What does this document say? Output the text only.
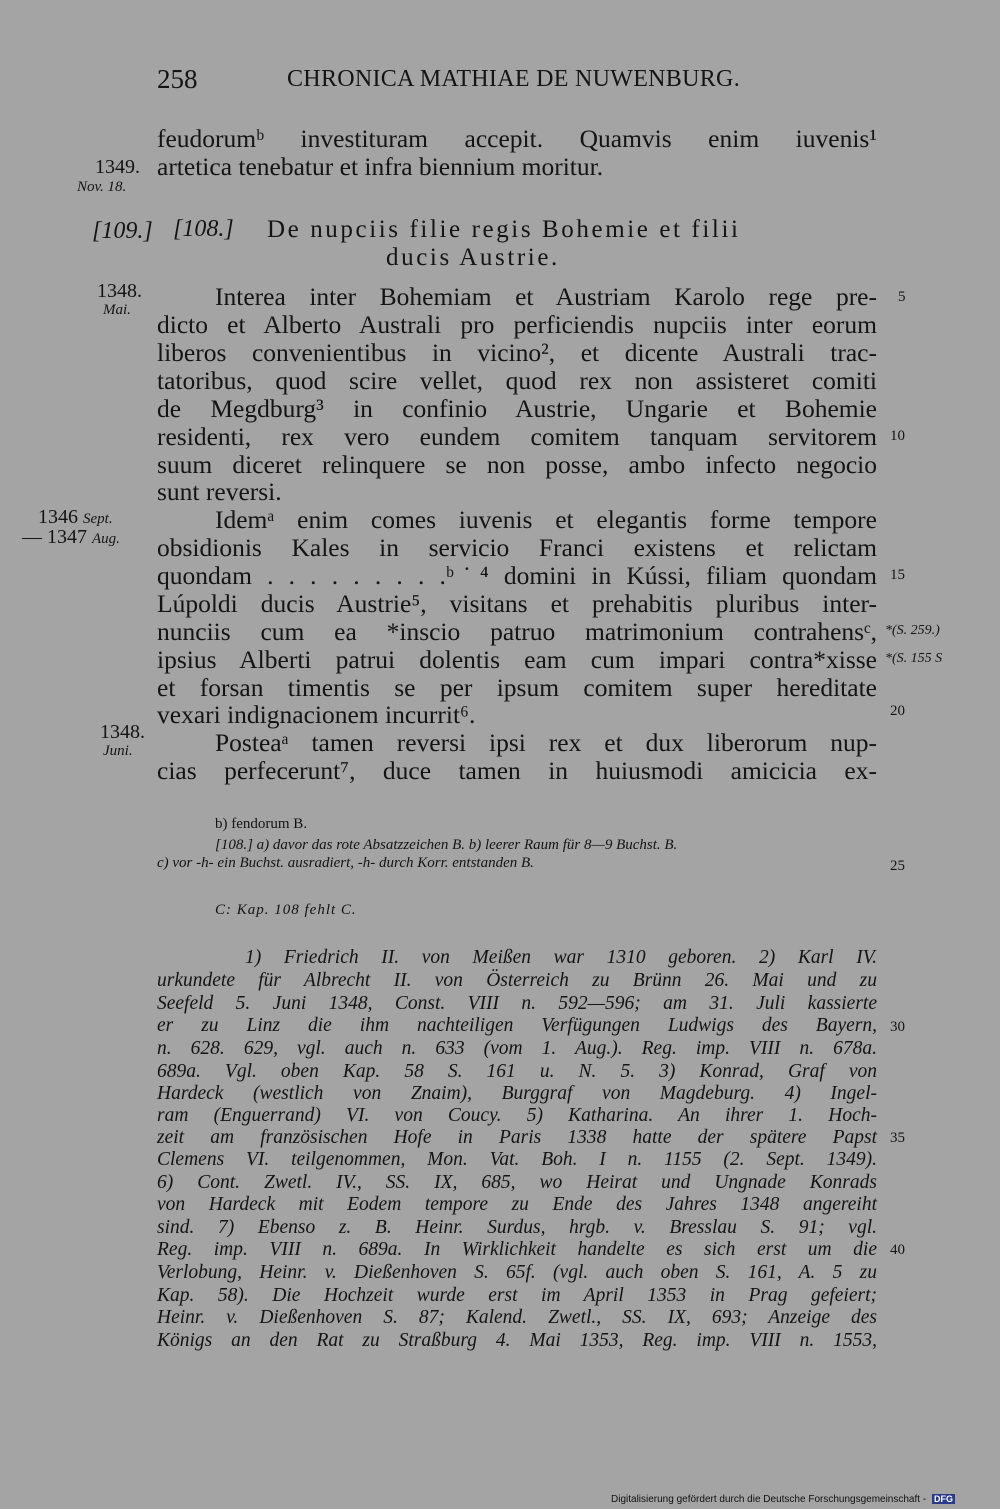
258	CHRONICA MATHIAE DE NUWENBURG.
feudorumᵇ investituram accepit. Quamvis enim iuvenis¹
artetica tenebatur et infra biennium moritur.
[109.] [108.] De nupciis filie regis Bohemie et filii
ducis Austrie.
Interea inter Bohemiam et Austriam Karolo rege pre-
dicto et Alberto Australi pro perficiendis nupciis inter eorum
liberos convenientibus in vicino², et dicente Australi trac-
tatoribus, quod scire vellet, quod rex non assisteret comiti
de Megdburg³ in confinio Austrie, Ungarie et Bohemie
residenti, rex vero eundem comitem tanquam servitorem
suum diceret relinquere se non posse, ambo infecto negocio
sunt reversi.
Idemᵃ enim comes iuvenis et elegantis forme tempore
obsidionis Kales in servicio Franci existens et relictam
quondam . . . . . . . . .ᵇ˙⁴ domini in Kússi, filiam quondam
Lúpoldi ducis Austrie⁵, visitans et prehabitis pluribus inter-
nunciis cum ea *inscio patruo matrimonium contrahensᶜ,
ipsius Alberti patrui dolentis eam cum impari contra*xisse
et forsan timentis se per ipsum comitem super hereditate
vexari indignacionem incurrit⁶.
Posteaᵃ tamen reversi ipsi rex et dux liberorum nup-
cias perfecerunt⁷, duce tamen in huiusmodi amicicia ex-
1349.
Nov. 18.
1348.
Mai.
1346 Sept.
— 1347 Aug.
1348.
Juni.
5
10
15
20
25
30
35
40
*(S. 259.)
*(S. 155 S
b) fendorum B.
[108.] a) davor das rote Absatzzeichen B. b) leerer Raum für 8—9 Buchst. B.
c) vor -h- ein Buchst. ausradiert, -h- durch Korr. entstanden B.
C: Kap. 108 fehlt C.
1) Friedrich II. von Meißen war 1310 geboren. 2) Karl IV.
urkundete für Albrecht II. von Österreich zu Brünn 26. Mai und zu
Seefeld 5. Juni 1348, Const. VIII n. 592—596; am 31. Juli kassierte
er zu Linz die ihm nachteiligen Verfügungen Ludwigs des Bayern,
n. 628. 629, vgl. auch n. 633 (vom 1. Aug.). Reg. imp. VIII n. 678a.
689a. Vgl. oben Kap. 58 S. 161 u. N. 5. 3) Konrad, Graf von
Hardeck (westlich von Znaim), Burggraf von Magdeburg. 4) Ingel-
ram (Enguerrand) VI. von Coucy. 5) Katharina. An ihrer 1. Hoch-
zeit am französischen Hofe in Paris 1338 hatte der spätere Papst
Clemens VI. teilgenommen, Mon. Vat. Boh. I n. 1155 (2. Sept. 1349).
6) Cont. Zwetl. IV., SS. IX, 685, wo Heirat und Ungnade Konrads
von Hardeck mit Eodem tempore zu Ende des Jahres 1348 angereiht
sind. 7) Ebenso z. B. Heinr. Surdus, hrgb. v. Bresslau S. 91; vgl.
Reg. imp. VIII n. 689a. In Wirklichkeit handelte es sich erst um die
Verlobung, Heinr. v. Dießenhoven S. 65f. (vgl. auch oben S. 161, A. 5 zu
Kap. 58). Die Hochzeit wurde erst im April 1353 in Prag gefeiert;
Heinr. v. Dießenhoven S. 87; Kalend. Zwetl., SS. IX, 693; Anzeige des
Königs an den Rat zu Straßburg 4. Mai 1353, Reg. imp. VIII n. 1553,
Digitalisierung gefördert durch die Deutsche Forschungsgemeinschaft - DFG
